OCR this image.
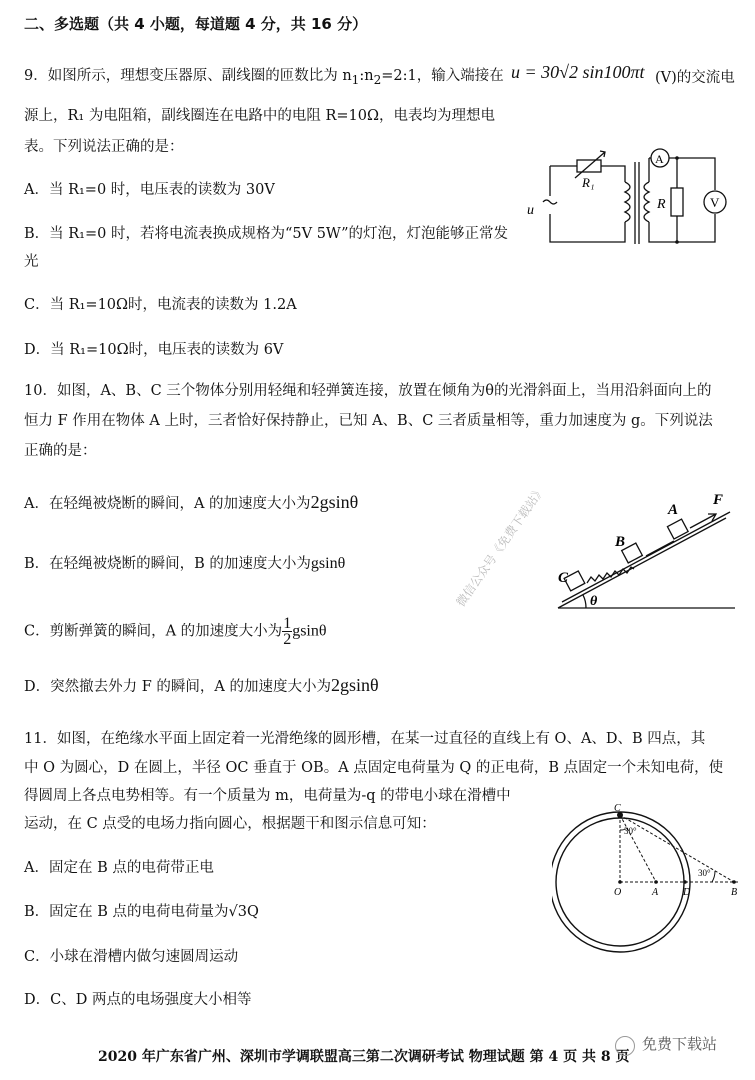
二、多选题（共 4 小题，每道题 4 分，共 16 分）
9．如图所示，理想变压器原、副线圈的匝数比为 $n_1:n_2=2:1$，输入端接在 u = 30√2 sin100πt (V)的交流电
源上，R₁ 为电阻箱，副线圈连在电路中的电阻 R=10Ω，电表均为理想电
表。下列说法正确的是：
A．当 R₁=0 时，电压表的读数为 30V
B．当 R₁=0 时，若将电流表换成规格为“5V 5W”的灯泡，灯泡能够正常发
光
C．当 R₁=10Ω时，电流表的读数为 1.2A
D．当 R₁=10Ω时，电压表的读数为 6V
R₁
u
A
R	V
10．如图，A、B、C 三个物体分别用轻绳和轻弹簧连接，放置在倾角为θ的光滑斜面上，当用沿斜面向上的
恒力 F 作用在物体 A 上时，三者恰好保持静止，已知 A、B、C 三者质量相等，重力加速度为 g。下列说法
正确的是：
A．在轻绳被烧断的瞬间，A 的加速度大小为2gsinθ
B．在轻绳被烧断的瞬间，B 的加速度大小为gsinθ
C．剪断弹簧的瞬间，A 的加速度大小为 $\frac{1}{2}$ gsinθ
D．突然撤去外力 F 的瞬间，A 的加速度大小为2gsinθ
C
B
A
F
θ
微信公众号《免费下载站》
11．如图，在绝缘水平面上固定着一光滑绝缘的圆形槽，在某一过直径的直线上有 O、A、D、B 四点，其
中 O 为圆心，D 在圆上，半径 OC 垂直于 OB。A 点固定电荷量为 Q 的正电荷，B 点固定一个未知电荷，使
得圆周上各点电势相等。有一个质量为 m，电荷量为-q 的带电小球在滑槽中
运动，在 C 点受的电场力指向圆心，根据题干和图示信息可知：
A．固定在 B 点的电荷带正电
B．固定在 B 点的电荷电荷量为√3Q
C．小球在滑槽内做匀速圆周运动
D．C、D 两点的电场强度大小相等
C
30°
30°
O	A D	B
2020 年广东省广州、深圳市学调联盟高三第二次调研考试 物理试题 第 4 页 共 8 页
免费下载站
